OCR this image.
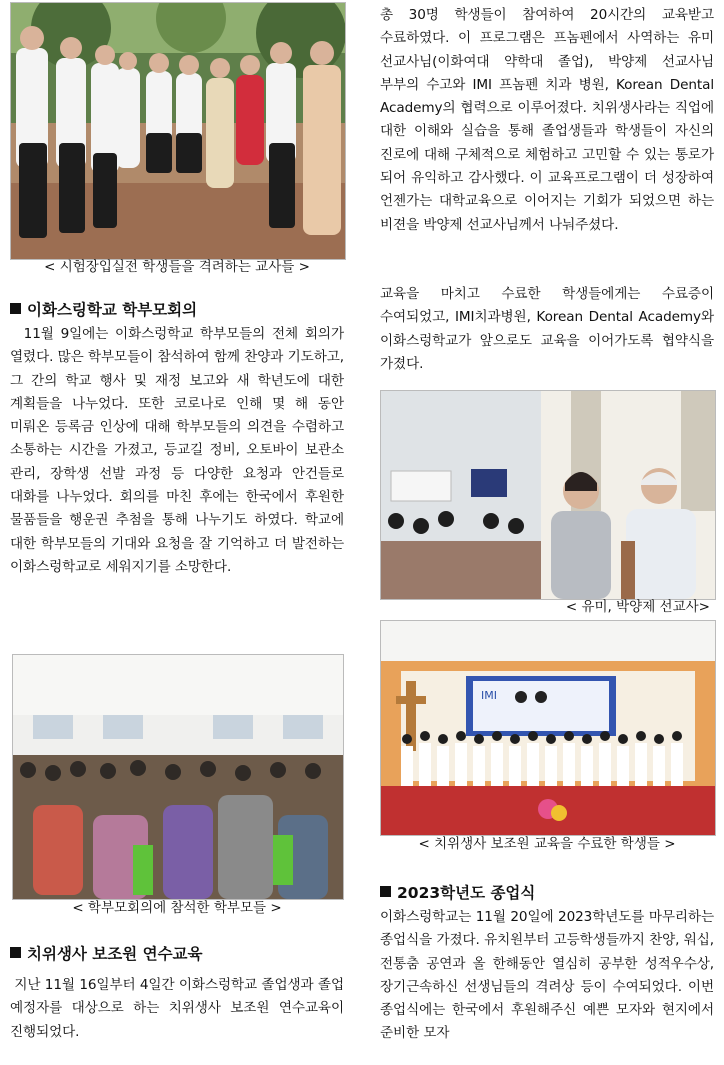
< 시험장입실전 학생들을 격려하는 교사들 >
이화스링학교 학부모회의
11월 9일에는 이화스렁학교 학부모들의 전체 회의가 열렸다. 많은 학부모들이 참석하여 함께 찬양과 기도하고, 그 간의 학교 행사 및 재정 보고와 새 학년도에 대한 계획들을 나누었다. 또한 코로나로 인해 몇 해 동안 미뤄온 등록금 인상에 대해 학부모들의 의견을 수렴하고 소통하는 시간을 가졌고, 등교길 정비, 오토바이 보관소 관리, 장학생 선발 과정 등 다양한 요청과 안건들로 대화를 나누었다. 회의를 마친 후에는 한국에서 후원한 물품들을 행운권 추첨을 통해 나누기도 하였다. 학교에 대한 학부모들의 기대와 요청을 잘 기억하고 더 발전하는 이화스렁학교로 세워지기를 소망한다.
< 학부모회의에 참석한 학부모들 >
치위생사 보조원 연수교육
지난 11월 16일부터 4일간 이화스렁학교 졸업생과 졸업 예정자를 대상으로 하는 치위생사 보조원 연수교육이 진행되었다.
총 30명 학생들이 참여하여 20시간의 교육받고 수료하였다. 이 프로그램은 프놈펜에서 사역하는 유미 선교사님(이화여대 약학대 졸업), 박양제 선교사님 부부의 수고와 IMI 프놈펜 치과 병원, Korean Dental Academy의 협력으로 이루어졌다. 치위생사라는 직업에 대한 이해와 실습을 통해 졸업생들과 학생들이 자신의 진로에 대해 구체적으로 체험하고 고민할 수 있는 통로가 되어 유익하고 감사했다. 이 교육프로그램이 더 성장하여 언젠가는 대학교육으로 이어지는 기회가 되었으면 하는 비젼을 박양제 선교사님께서 나눠주셨다.
교육을 마치고 수료한 학생들에게는 수료증이 수여되었고, IMI치과병원, Korean Dental Academy와 이화스렁학교가 앞으로도 교육을 이어가도록 협약식을 가졌다.
< 유미, 박양제 선교사>
IMI
< 치위생사 보조원 교육을 수료한 학생들 >
2023학년도 종업식
이화스렁학교는 11월 20일에 2023학년도를 마무리하는 종업식을 가졌다. 유치원부터 고등학생들까지 찬양, 워십, 전통춤 공연과 올 한해동안 열심히 공부한 성적우수상, 장기근속하신 선생님들의 격려상 등이 수여되었다. 이번 종업식에는 한국에서 후원해주신 예쁜 모자와 현지에서 준비한 모자
